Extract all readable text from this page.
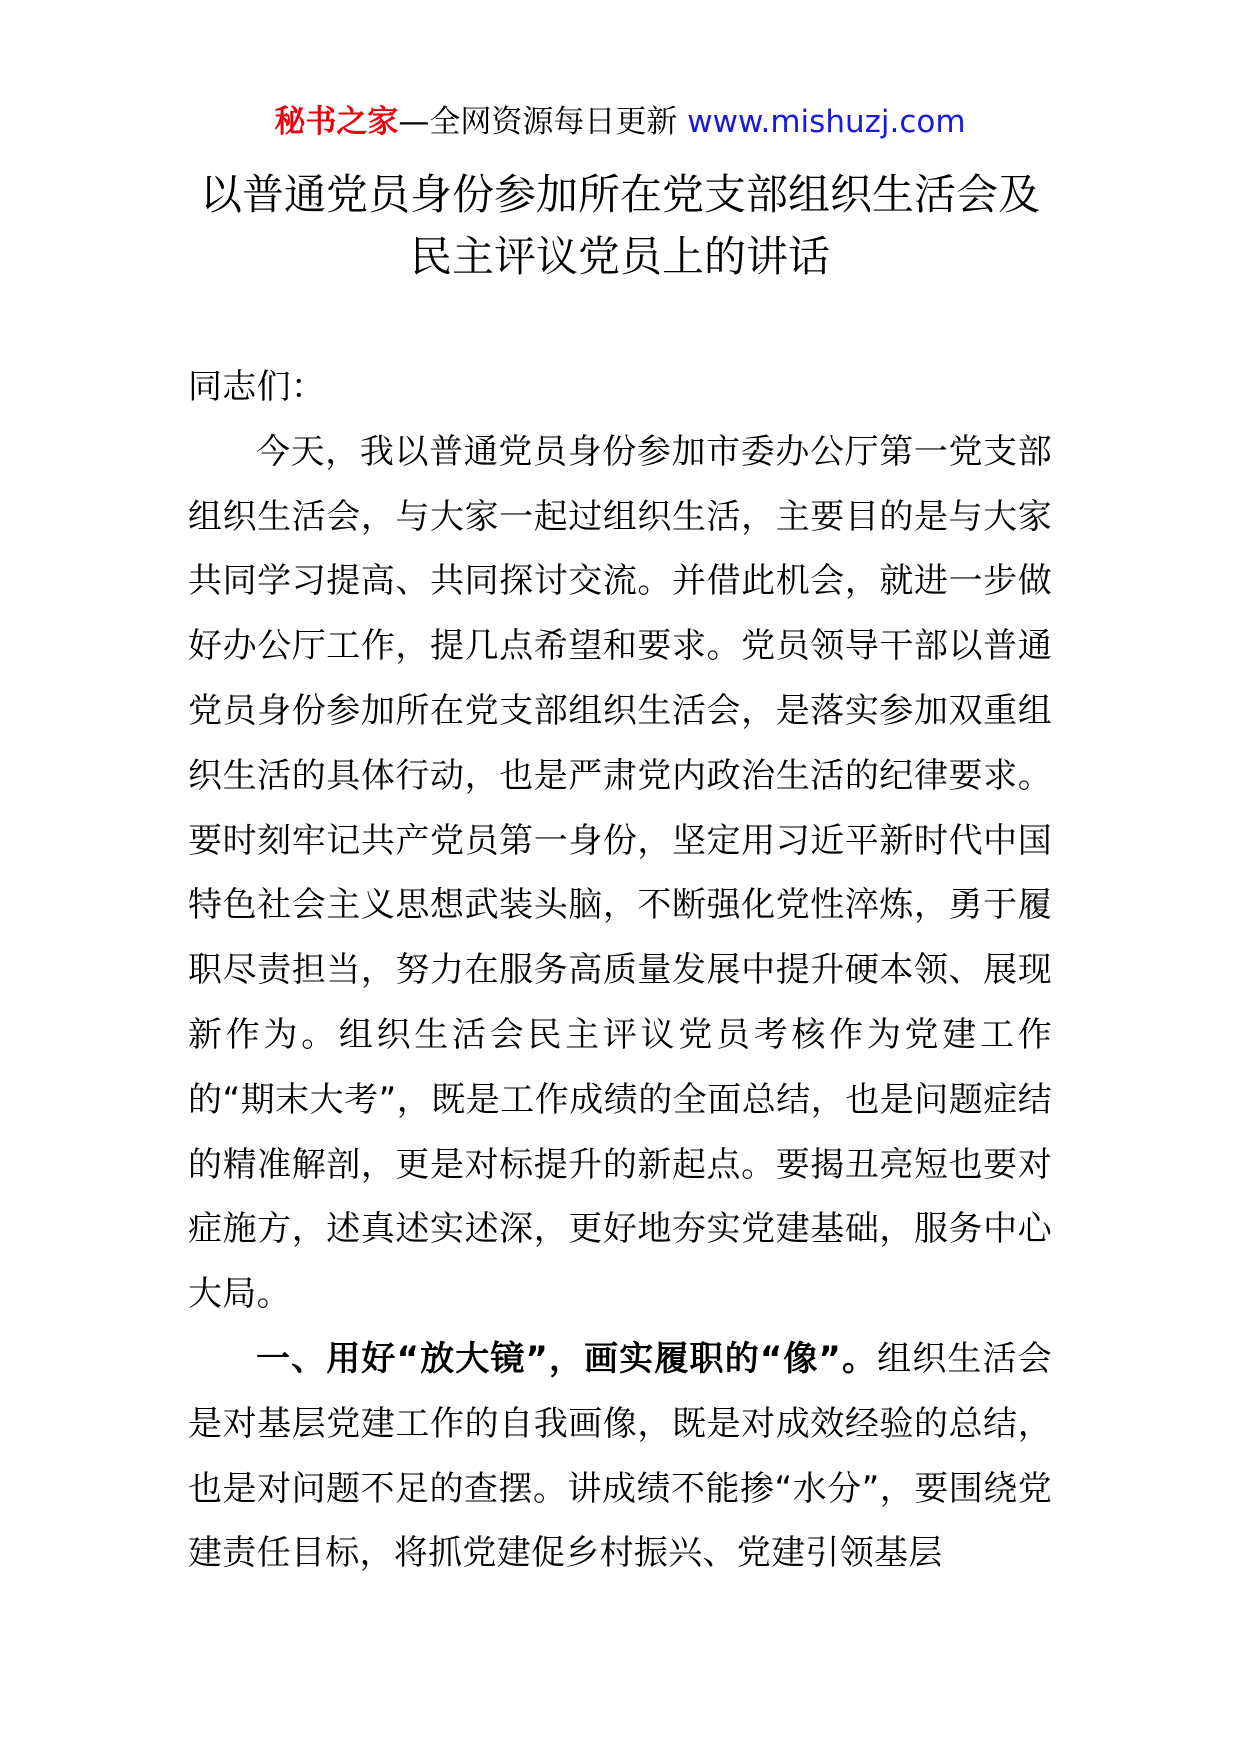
秘书之家—全网资源每日更新 www.mishuzj.com
以普通党员身份参加所在党支部组织生活会及
民主评议党员上的讲话

同志们：

今天，我以普通党员身份参加市委办公厅第一党支部组织生活会，与大家一起过组织生活，主要目的是与大家共同学习提高、共同探讨交流。并借此机会，就进一步做好办公厅工作，提几点希望和要求。党员领导干部以普通党员身份参加所在党支部组织生活会，是落实参加双重组织生活的具体行动，也是严肃党内政治生活的纪律要求。要时刻牢记共产党员第一身份，坚定用习近平新时代中国特色社会主义思想武装头脑，不断强化党性淬炼，勇于履职尽责担当，努力在服务高质量发展中提升硬本领、展现新作为。组织生活会民主评议党员考核作为党建工作的“期末大考”，既是工作成绩的全面总结，也是问题症结的精准解剖，更是对标提升的新起点。要揭丑亮短也要对症施方，述真述实述深，更好地夯实党建基础，服务中心大局。

一、用好“放大镜”，画实履职的“像”。组织生活会是对基层党建工作的自我画像，既是对成效经验的总结，也是对问题不足的查摆。讲成绩不能掺“水分”，要围绕党建责任目标，将抓党建促乡村振兴、党建引领基层
